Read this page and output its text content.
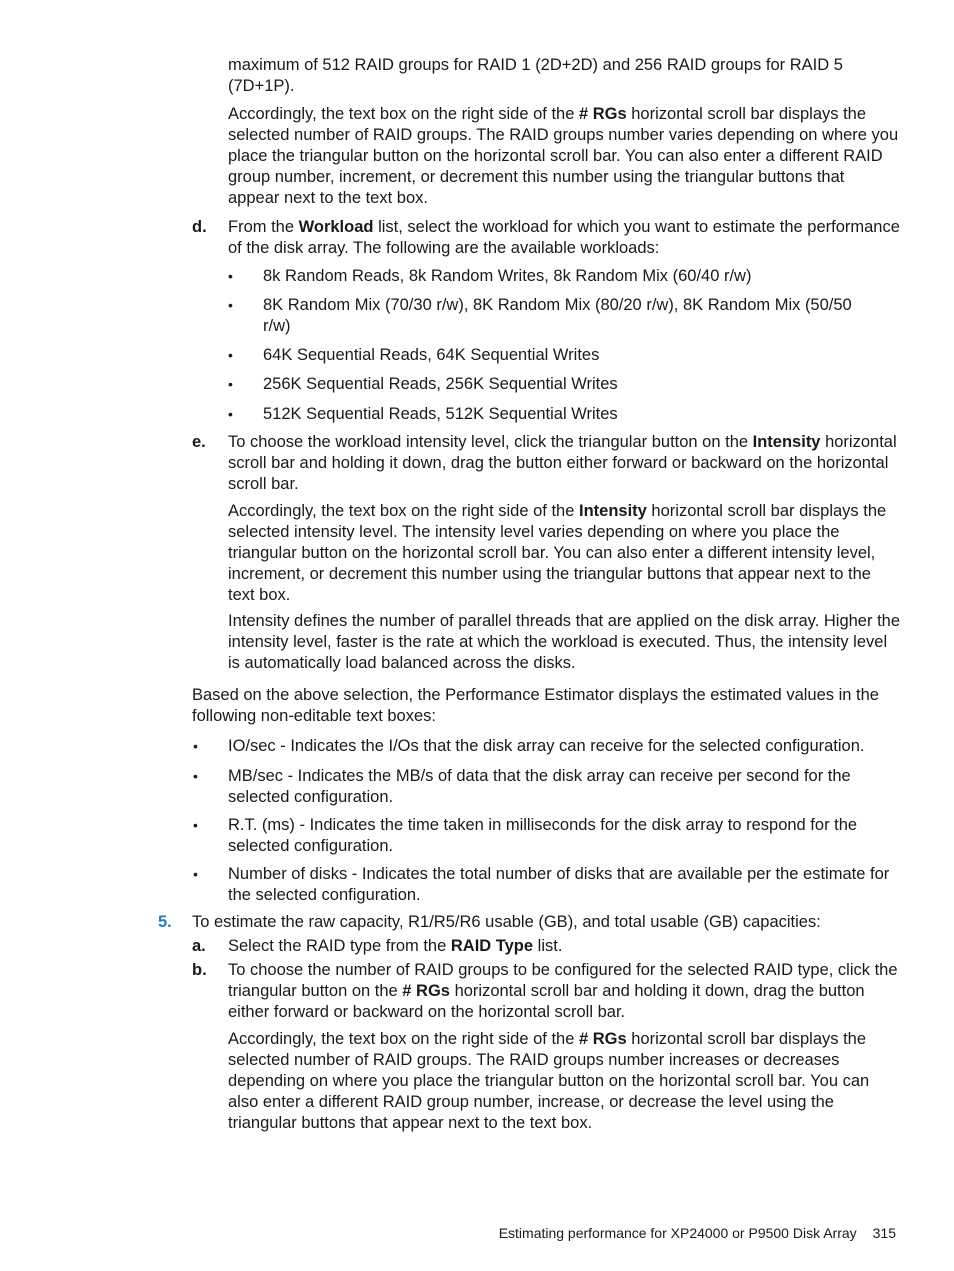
maximum of 512 RAID groups for RAID 1 (2D+2D) and 256 RAID groups for RAID 5 (7D+1P).

Accordingly, the text box on the right side of the # RGs horizontal scroll bar displays the selected number of RAID groups. The RAID groups number varies depending on where you place the triangular button on the horizontal scroll bar. You can also enter a different RAID group number, increment, or decrement this number using the triangular buttons that appear next to the text box.

d. From the Workload list, select the workload for which you want to estimate the performance of the disk array. The following are the available workloads:

• 8k Random Reads, 8k Random Writes, 8k Random Mix (60/40 r/w)

• 8K Random Mix (70/30 r/w), 8K Random Mix (80/20 r/w), 8K Random Mix (50/50 r/w)

• 64K Sequential Reads, 64K Sequential Writes

• 256K Sequential Reads, 256K Sequential Writes

• 512K Sequential Reads, 512K Sequential Writes

e. To choose the workload intensity level, click the triangular button on the Intensity horizontal scroll bar and holding it down, drag the button either forward or backward on the horizontal scroll bar.

Accordingly, the text box on the right side of the Intensity horizontal scroll bar displays the selected intensity level. The intensity level varies depending on where you place the triangular button on the horizontal scroll bar. You can also enter a different intensity level, increment, or decrement this number using the triangular buttons that appear next to the text box.

Intensity defines the number of parallel threads that are applied on the disk array. Higher the intensity level, faster is the rate at which the workload is executed. Thus, the intensity level is automatically load balanced across the disks.

Based on the above selection, the Performance Estimator displays the estimated values in the following non-editable text boxes:

• IO/sec - Indicates the I/Os that the disk array can receive for the selected configuration.

• MB/sec - Indicates the MB/s of data that the disk array can receive per second for the selected configuration.

• R.T. (ms) - Indicates the time taken in milliseconds for the disk array to respond for the selected configuration.

• Number of disks - Indicates the total number of disks that are available per the estimate for the selected configuration.

5. To estimate the raw capacity, R1/R5/R6 usable (GB), and total usable (GB) capacities:

a. Select the RAID type from the RAID Type list.

b. To choose the number of RAID groups to be configured for the selected RAID type, click the triangular button on the # RGs horizontal scroll bar and holding it down, drag the button either forward or backward on the horizontal scroll bar.

Accordingly, the text box on the right side of the # RGs horizontal scroll bar displays the selected number of RAID groups. The RAID groups number increases or decreases depending on where you place the triangular button on the horizontal scroll bar. You can also enter a different RAID group number, increase, or decrease the level using the triangular buttons that appear next to the text box.

Estimating performance for XP24000 or P9500 Disk Array 315
